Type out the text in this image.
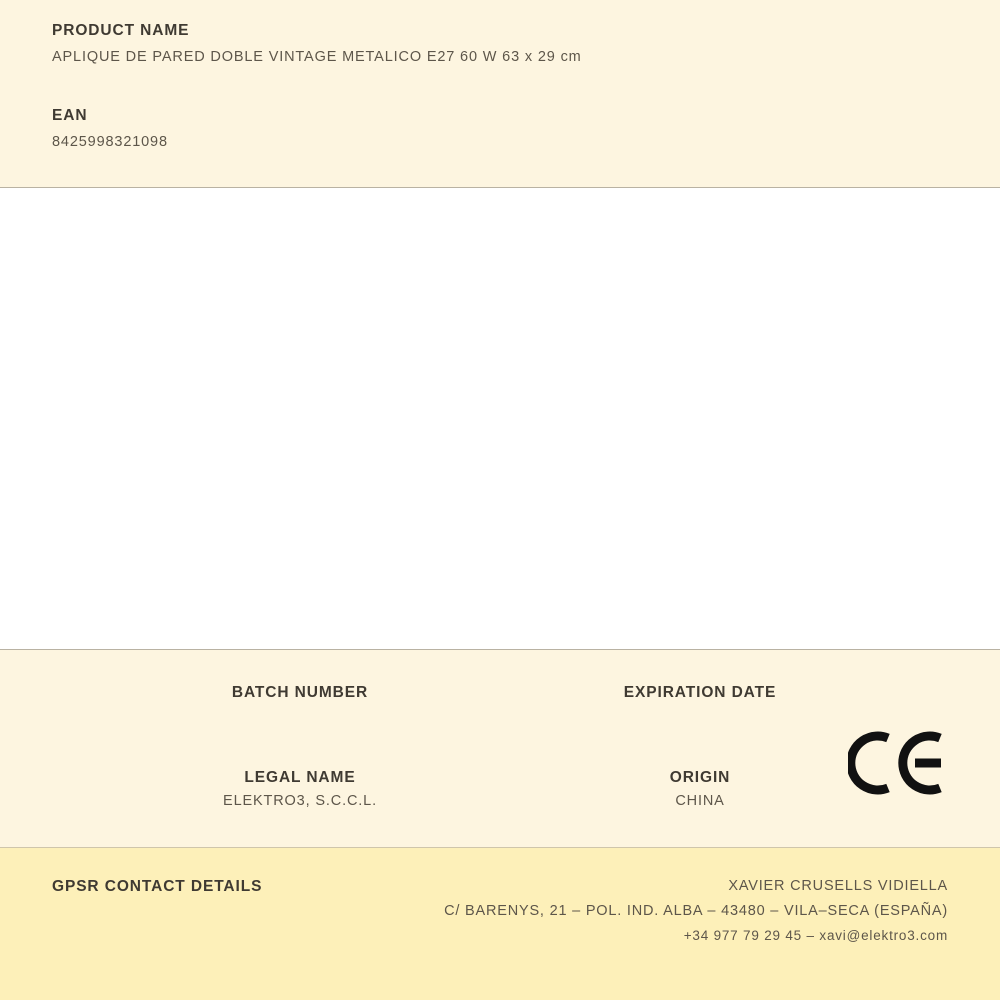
PRODUCT NAME

APLIQUE DE PARED DOBLE VINTAGE METALICO E27 60 W 63 x 29 cm

EAN

8425998321098

BATCH NUMBER	EXPIRATION DATE

LEGAL NAME

ELEKTRO3, S.C.C.L.

ORIGIN

CHINA

GPSR CONTACT DETAILS	XAVIER CRUSELLS VIDIELLA

C/ BARENYS, 21 – POL. IND. ALBA – 43480 – VILA–SECA (ESPAÑA)

+34 977 79 29 45 – xavi@elektro3.com
